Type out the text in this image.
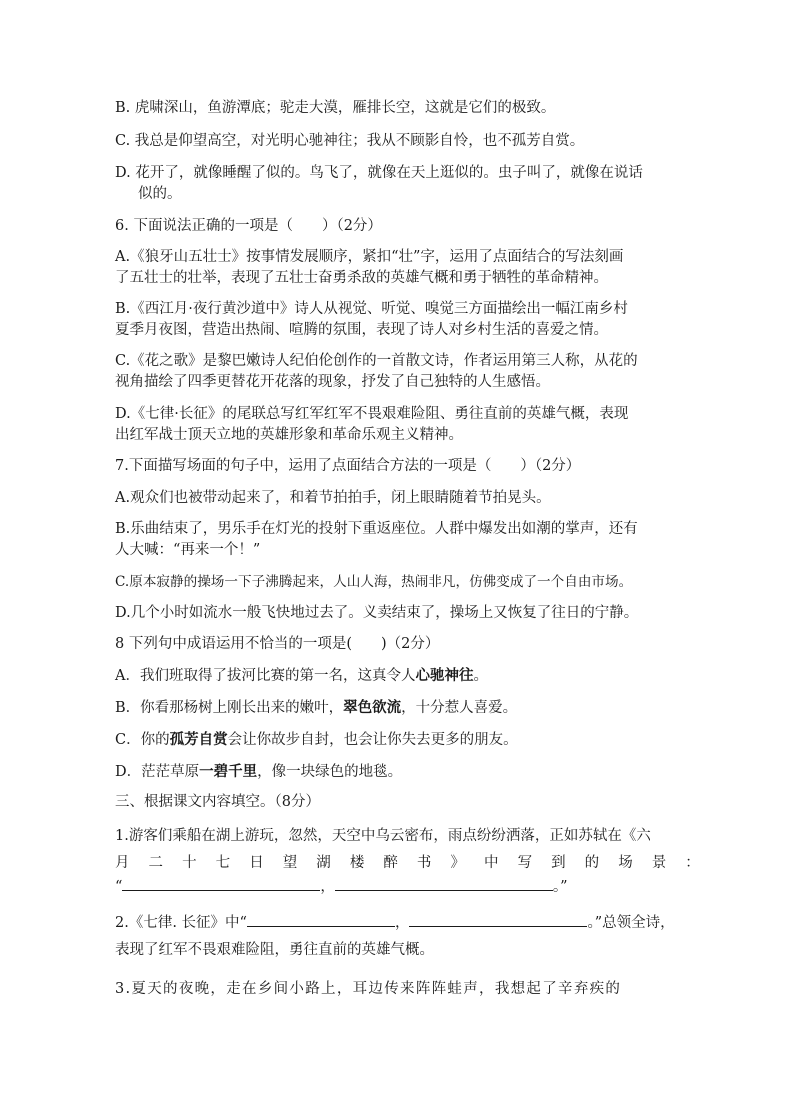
B. 虎啸深山，鱼游潭底；驼走大漠，雁排长空，这就是它们的极致。
C. 我总是仰望高空，对光明心驰神往；我从不顾影自怜，也不孤芳自赏。
D. 花开了，就像睡醒了似的。鸟飞了，就像在天上逛似的。虫子叫了，就像在说话
似的。
6. 下面说法正确的一项是（　　）（2分）
A.《狼牙山五壮士》按事情发展顺序，紧扣“壮”字，运用了点面结合的写法刻画
了五壮士的壮举，表现了五壮士奋勇杀敌的英雄气概和勇于牺牲的革命精神。
B.《西江月·夜行黄沙道中》诗人从视觉、听觉、嗅觉三方面描绘出一幅江南乡村
夏季月夜图，营造出热闹、喧腾的氛围，表现了诗人对乡村生活的喜爱之情。
C.《花之歌》是黎巴嫩诗人纪伯伦创作的一首散文诗，作者运用第三人称，从花的
视角描绘了四季更替花开花落的现象，抒发了自己独特的人生感悟。
D.《七律·长征》的尾联总写红军红军不畏艰难险阻、勇往直前的英雄气概，表现
出红军战士顶天立地的英雄形象和革命乐观主义精神。
7.下面描写场面的句子中，运用了点面结合方法的一项是（　　）（2分）
A.观众们也被带动起来了，和着节拍拍手，闭上眼睛随着节拍晃头。
B.乐曲结束了，男乐手在灯光的投射下重返座位。人群中爆发出如潮的掌声，还有
人大喊：“再来一个！”
C.原本寂静的操场一下子沸腾起来，人山人海，热闹非凡，仿佛变成了一个自由市场。
D.几个小时如流水一般飞快地过去了。义卖结束了，操场上又恢复了往日的宁静。
8 下列句中成语运用不恰当的一项是(　　)（2分）
A．我们班取得了拔河比赛的第一名，这真令人心驰神往。
B．你看那杨树上刚长出来的嫩叶，翠色欲流，十分惹人喜爱。
C．你的孤芳自赏会让你故步自封，也会让你失去更多的朋友。
D．茫茫草原一碧千里，像一块绿色的地毯。
三、根据课文内容填空。（8分）
1.游客们乘船在湖上游玩，忽然，天空中乌云密布，雨点纷纷洒落，正如苏轼在《六
月 二 十 七 日 望 湖 楼 醉 书 》 中 写 到 的 场 景 ：
“	，	。”
2.《七律. 长征》中“	，	。”总领全诗，
表现了红军不畏艰难险阻，勇往直前的英雄气概。
3.夏天的夜晚，走在乡间小路上，耳边传来阵阵蛙声，我想起了辛弃疾的
